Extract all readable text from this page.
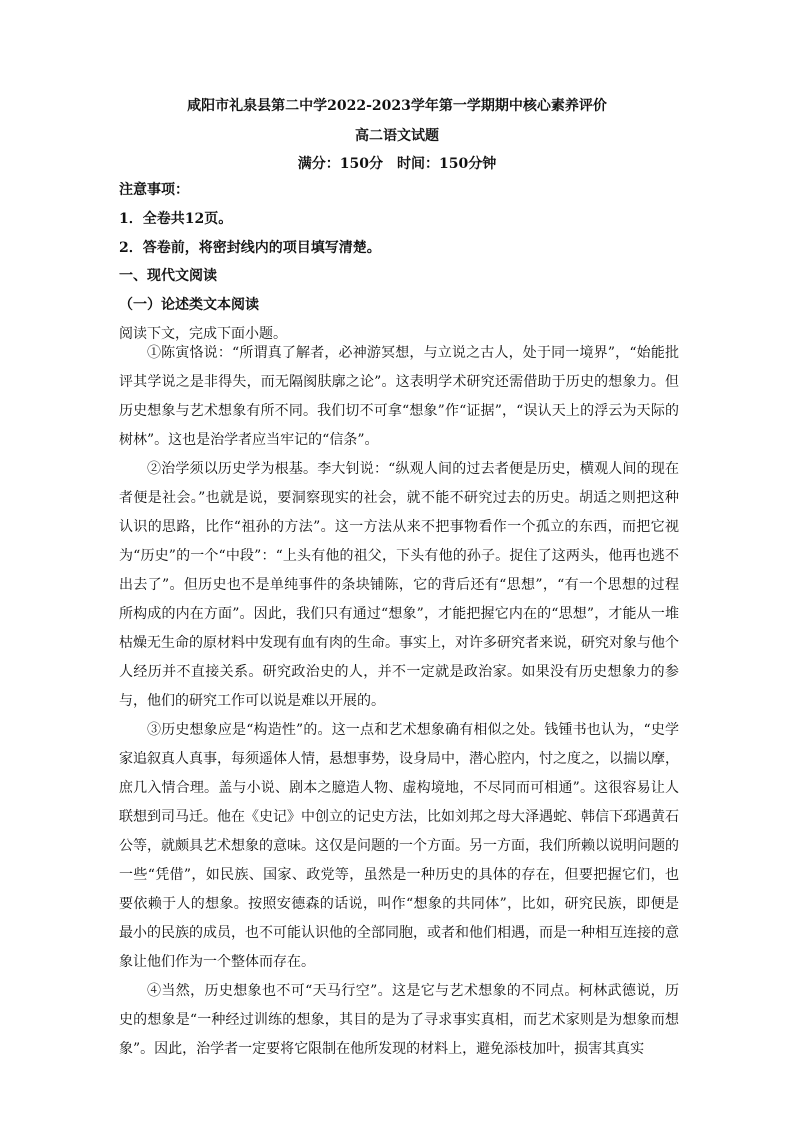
咸阳市礼泉县第二中学2022-2023学年第一学期期中核心素养评价
高二语文试题
满分：150分　时间：150分钟
注意事项：
1．全卷共12页。
2．答卷前，将密封线内的项目填写清楚。
一、现代文阅读
（一）论述类文本阅读
阅读下文，完成下面小题。

①陈寅恪说：“所谓真了解者，必神游冥想，与立说之古人，处于同一境界”，“始能批评其学说之是非得失，而无隔阂肤廓之论”。这表明学术研究还需借助于历史的想象力。但历史想象与艺术想象有所不同。我们切不可拿“想象”作“证据”，“误认天上的浮云为天际的树林”。这也是治学者应当牢记的“信条”。

②治学须以历史学为根基。李大钊说：“纵观人间的过去者便是历史，横观人间的现在者便是社会。”也就是说，要洞察现实的社会，就不能不研究过去的历史。胡适之则把这种认识的思路，比作“祖孙的方法”。这一方法从来不把事物看作一个孤立的东西，而把它视为“历史”的一个“中段”：“上头有他的祖父，下头有他的孙子。捉住了这两头，他再也逃不出去了”。但历史也不是单纯事件的条块铺陈，它的背后还有“思想”，“有一个思想的过程所构成的内在方面”。因此，我们只有通过“想象”，才能把握它内在的“思想”，才能从一堆枯燥无生命的原材料中发现有血有肉的生命。事实上，对许多研究者来说，研究对象与他个人经历并不直接关系。研究政治史的人，并不一定就是政治家。如果没有历史想象力的参与，他们的研究工作可以说是难以开展的。

③历史想象应是“构造性”的。这一点和艺术想象确有相似之处。钱锺书也认为，“史学家追叙真人真事，每须遥体人情，悬想事势，设身局中，潜心腔内，忖之度之，以揣以摩，庶几入情合理。盖与小说、剧本之臆造人物、虚构境地，不尽同而可相通”。这很容易让人联想到司马迁。他在《史记》中创立的记史方法，比如刘邦之母大泽遇蛇、韩信下邳遇黄石公等，就颇具艺术想象的意味。这仅是问题的一个方面。另一方面，我们所赖以说明问题的一些“凭借”，如民族、国家、政党等，虽然是一种历史的具体的存在，但要把握它们，也要依赖于人的想象。按照安德森的话说，叫作“想象的共同体”，比如，研究民族，即便是最小的民族的成员，也不可能认识他的全部同胞，或者和他们相遇，而是一种相互连接的意象让他们作为一个整体而存在。

④当然，历史想象也不可“天马行空”。这是它与艺术想象的不同点。柯林武德说，历史的想象是“一种经过训练的想象，其目的是为了寻求事实真相，而艺术家则是为想象而想象”。因此，治学者一定要将它限制在他所发现的材料上，避免添枝加叶，损害其真实
